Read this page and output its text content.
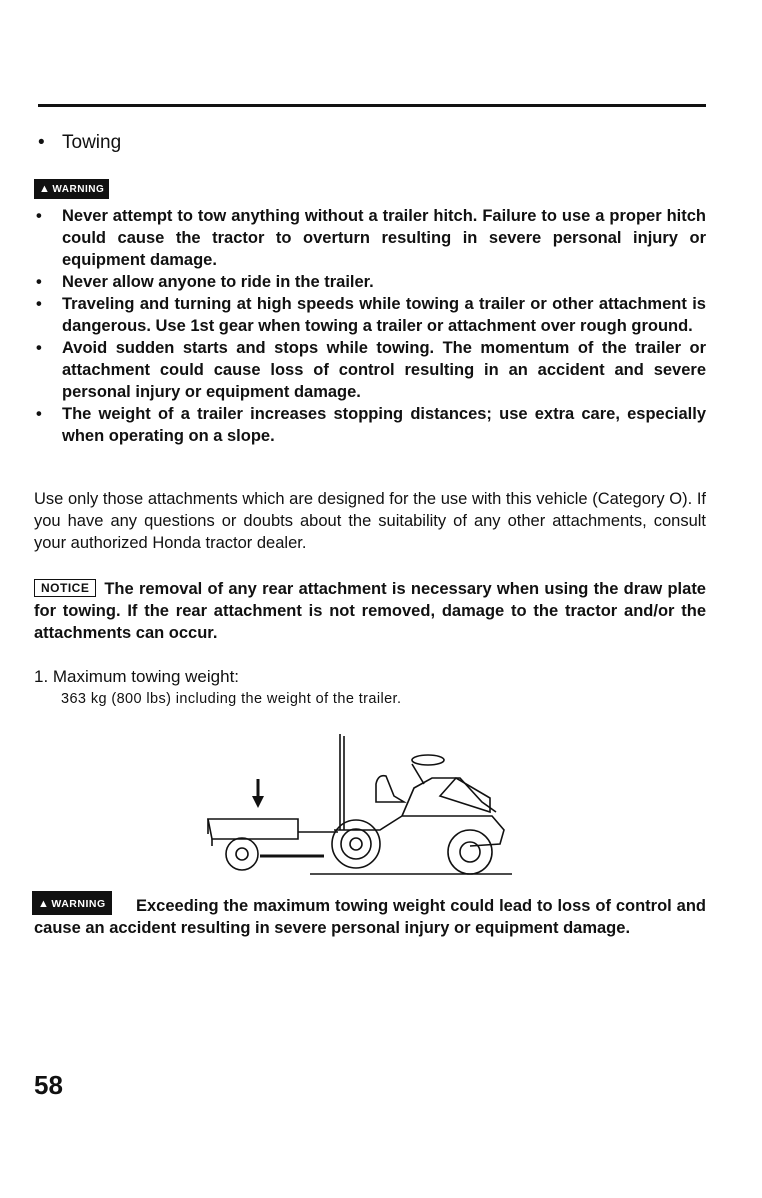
• Towing
▲ WARNING
• Never attempt to tow anything without a trailer hitch. Failure to use a proper hitch could cause the tractor to overturn resulting in severe personal injury or equipment damage.
• Never allow anyone to ride in the trailer.
• Traveling and turning at high speeds while towing a trailer or other attachment is dangerous. Use 1st gear when towing a trailer or attachment over rough ground.
• Avoid sudden starts and stops while towing. The momentum of the trailer or attachment could cause loss of control resulting in an accident and severe personal injury or equipment damage.
• The weight of a trailer increases stopping distances; use extra care, especially when operating on a slope.
Use only those attachments which are designed for the use with this vehicle (Category O). If you have any questions or doubts about the suitability of any other attachments, consult your authorized Honda tractor dealer.
NOTICE The removal of any rear attachment is necessary when using the draw plate for towing. If the rear attachment is not removed, damage to the tractor and/or the attachments can occur.
1. Maximum towing weight:
363 kg (800 lbs) including the weight of the trailer.
▲ WARNING	Exceeding the maximum towing weight could lead to loss of control and cause an accident resulting in severe personal injury or equipment damage.
58
